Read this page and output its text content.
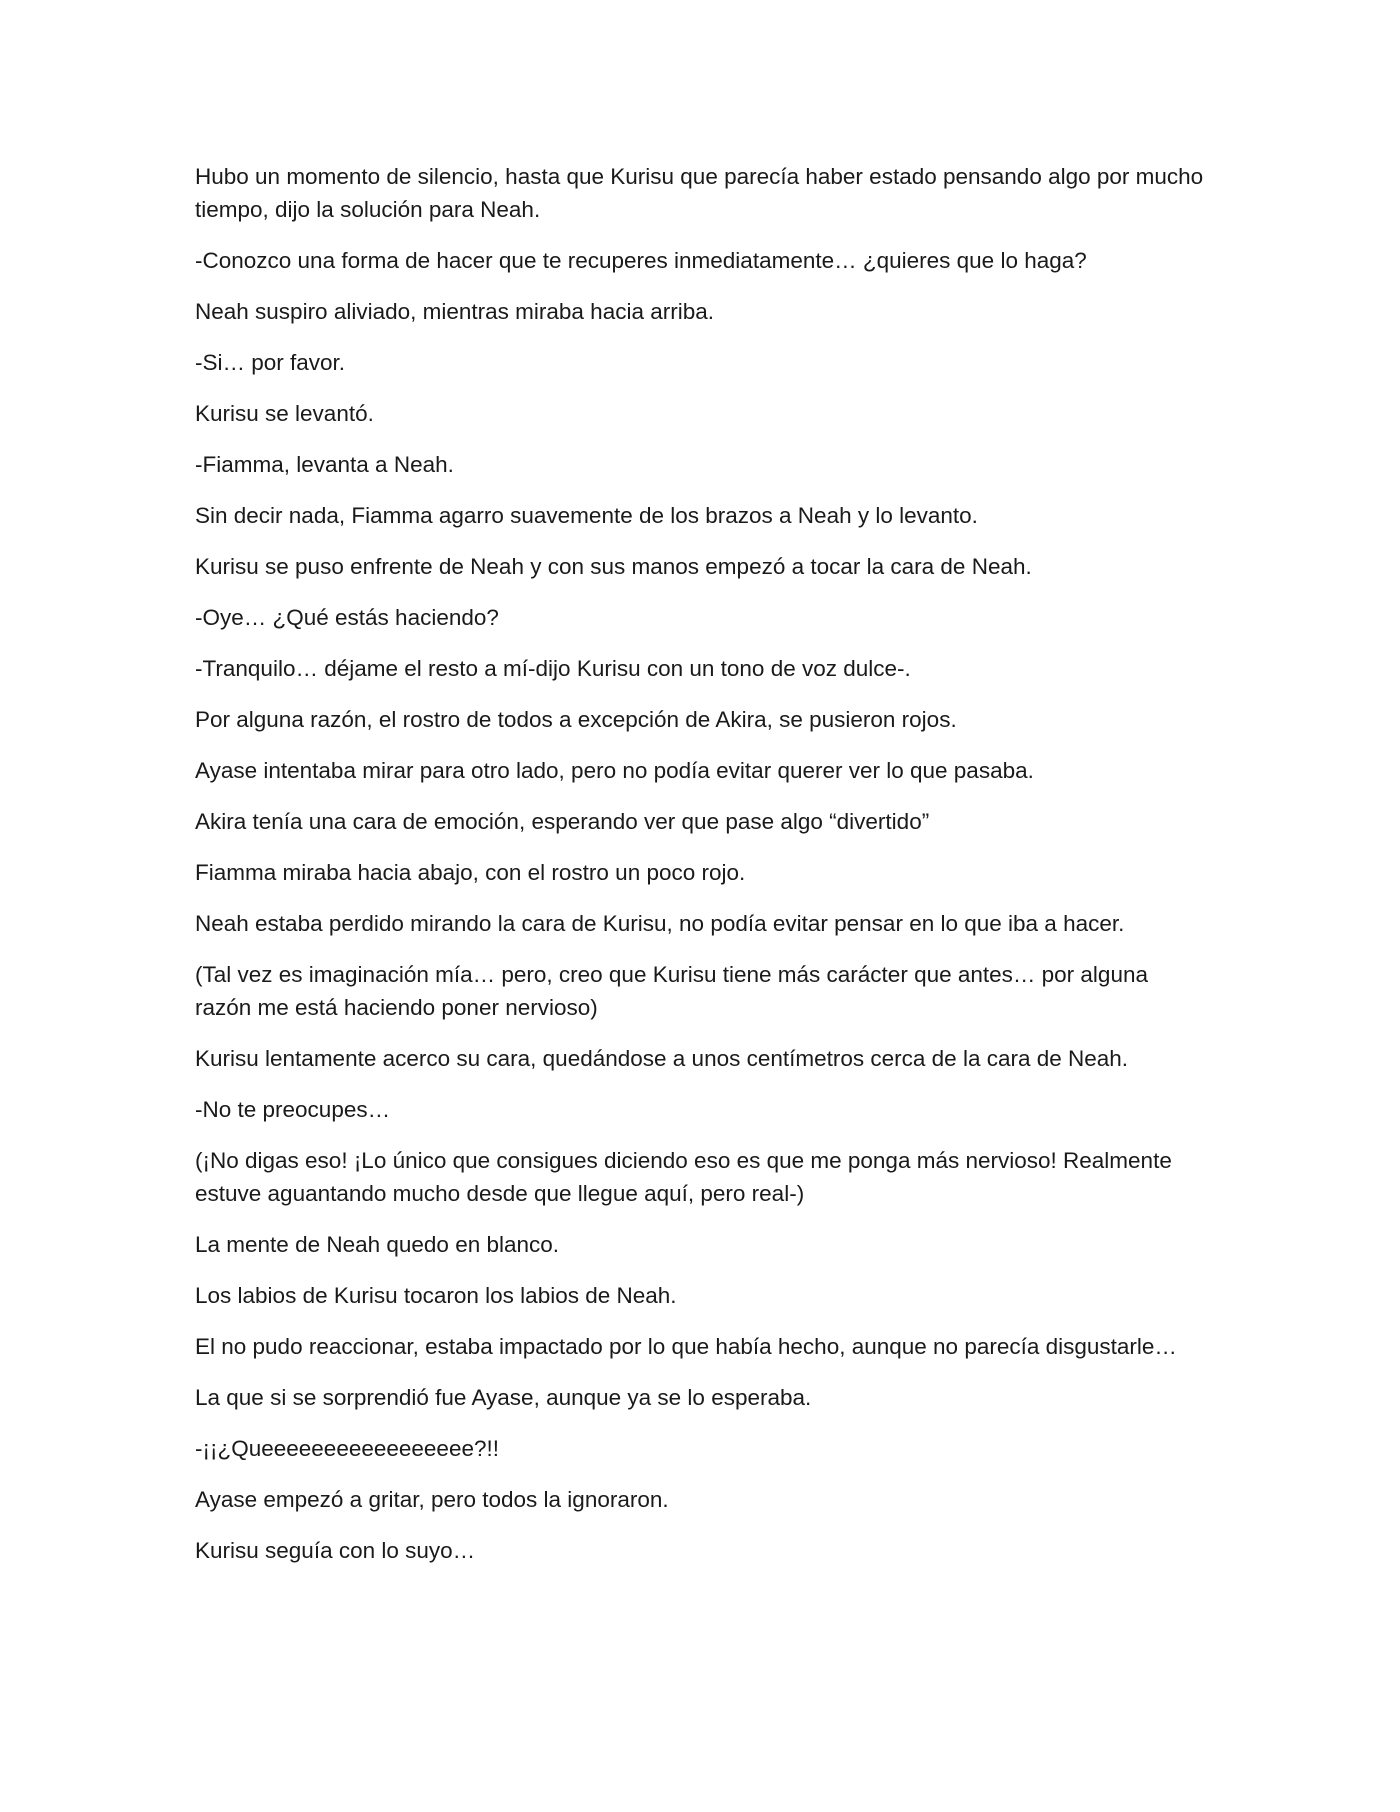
Hubo un momento de silencio, hasta que Kurisu que parecía haber estado pensando algo por mucho tiempo, dijo la solución para Neah.

-Conozco una forma de hacer que te recuperes inmediatamente… ¿quieres que lo haga?

Neah suspiro aliviado, mientras miraba hacia arriba.

-Si… por favor.

Kurisu se levantó.

-Fiamma, levanta a Neah.

Sin decir nada, Fiamma agarro suavemente de los brazos a Neah y lo levanto.

Kurisu se puso enfrente de Neah y con sus manos empezó a tocar la cara de Neah.

-Oye… ¿Qué estás haciendo?

-Tranquilo… déjame el resto a mí-dijo Kurisu con un tono de voz dulce-.

Por alguna razón, el rostro de todos a excepción de Akira, se pusieron rojos.

Ayase intentaba mirar para otro lado, pero no podía evitar querer ver lo que pasaba.

Akira tenía una cara de emoción, esperando ver que pase algo “divertido”

Fiamma miraba hacia abajo, con el rostro un poco rojo.

Neah estaba perdido mirando la cara de Kurisu, no podía evitar pensar en lo que iba a hacer.

(Tal vez es imaginación mía… pero, creo que Kurisu tiene más carácter que antes… por alguna razón me está haciendo poner nervioso)

Kurisu lentamente acerco su cara, quedándose a unos centímetros cerca de la cara de Neah.

-No te preocupes…

(¡No digas eso! ¡Lo único que consigues diciendo eso es que me ponga más nervioso! Realmente estuve aguantando mucho desde que llegue aquí, pero real-)

La mente de Neah quedo en blanco.

Los labios de Kurisu tocaron los labios de Neah.

El no pudo reaccionar, estaba impactado por lo que había hecho, aunque no parecía disgustarle…

La que si se sorprendió fue Ayase, aunque ya se lo esperaba.

-¡¡¿Queeeeeeeeeeeeeeeee?!!

Ayase empezó a gritar, pero todos la ignoraron.

Kurisu seguía con lo suyo…
